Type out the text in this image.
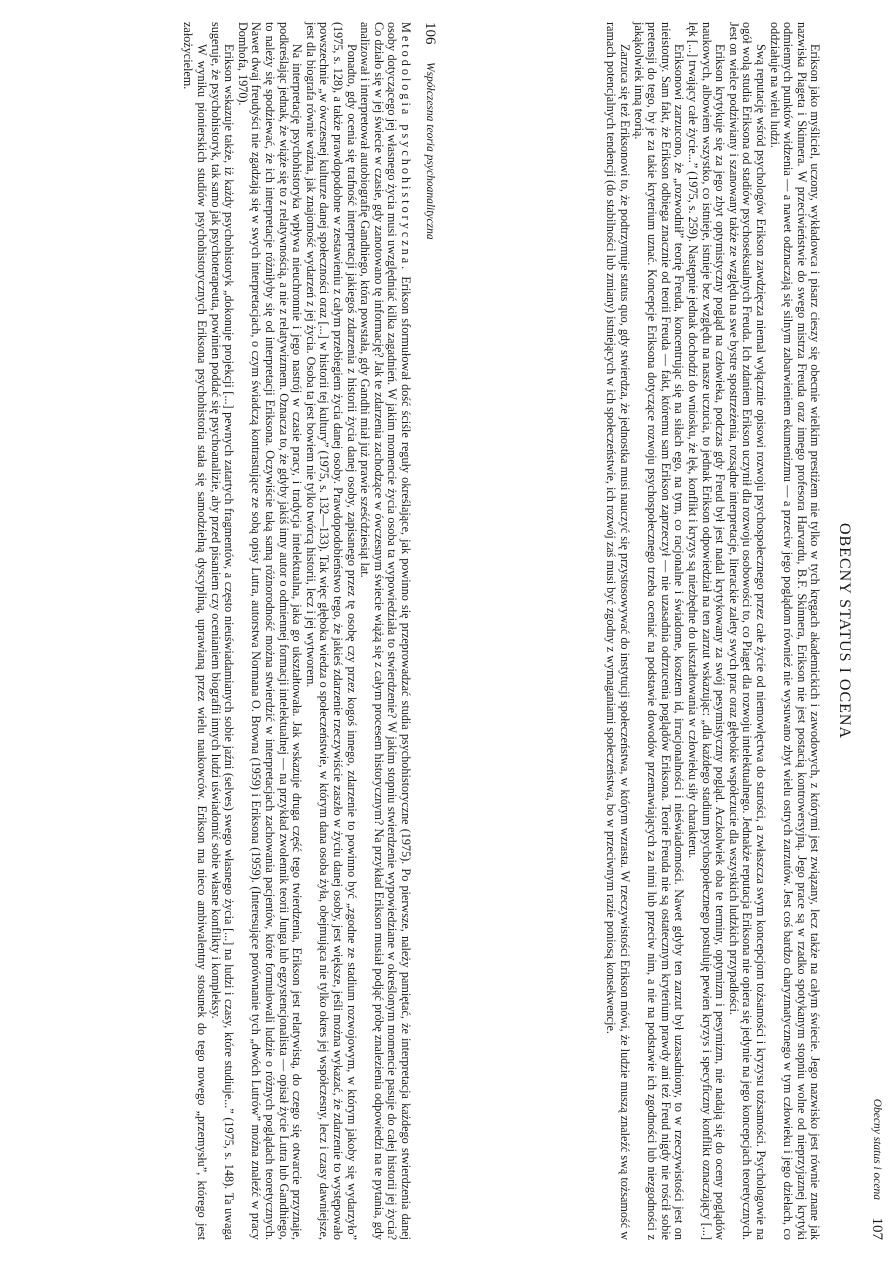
106
Współczesna teoria psychoanalityczna

Metodologia psychohistoryczna. Erikson sformułował dość ściśle reguły określające, jak powinno się przeprowadzać studia psychohistoryczne (1975). Po pierwsze, należy pamiętać, że interpretacja każdego stwierdzenia danej osoby dotyczącego jej własnego życia musi uwzględniać kilka zagadnień. W jakim momencie życia osoba ta wypowiedziała to stwierdzenie? W jakim stopniu stwierdzenie wypowiedziane w określonym momencie pasuje do całej historii jej życia? Co działo się w jej świecie w czasie, gdy zanotowano tę informację? Jak te zdarzenia zachodzące w ówczesnym świecie wiążą się z całym procesem historycznym? Na przykład Erikson musiał podjąć próbę znalezienia odpowiedzi na te pytania, gdy analizował i interpretował autobiografię Gandhiego, która powstała, gdy Gandhi miał już prawie sześćdziesiąt lat.

Ponadto, gdy ocenia się trafność interpretacji jakiegoś zdarzenia z historii życia danej osoby, zapisanego przez tę osobę czy przez kogoś innego, zdarzenie to powinno być „zgodne ze stadium rozwojowym, w którym jakoby się wydarzyło” (1975, s. 128), a także prawdopodobne w zestawieniu z całym przebiegiem życia danej osoby. Prawdopodobieństwo tego, że jakieś zdarzenie rzeczywiście zaszło w życiu danej osoby, jest większe, jeśli można wykazać, że zdarzenie to występowało powszechnie „w ówczesnej kulturze danej społeczności oraz [...] w historii tej kultury” (1975, s. 132—133). Tak więc głęboka wiedza o społeczeństwie, w którym dana osoba żyła, obejmująca nie tylko okres jej współczesny, lecz i czasy dawniejsze, jest dla biografa równie ważna, jak znajomość wydarzeń z jej życia. Osoba ta jest bowiem nie tylko twórcą historii, lecz i jej wytworem.

Na interpretację psychohistoryka wpływa nieuchronnie i jego nastrój w czasie pracy, i tradycja intelektualna, jaka go ukształtowała. Jak wskazuje druga część tego twierdzenia, Erikson jest relatywistą, do czego się otwarcie przyznaje, podkreślając jednak, że wiąże się to z relatywnością, a nie z relatywizmem. Oznacza to, że gdyby jakiś inny autor o odmiennej formacji intelektualnej — na przykład zwolennik teorii Junga lub egzystencjonalista — opisał życie Lutra lub Gandhiego, to należy się spodziewać, że ich interpretacje różniłyby się od interpretacji Eriksona. Oczywiście taką samą różnorodność można stwierdzić w interpretacjach zachowania pacjentów, które formułowali ludzie o różnych poglądach teoretycznych. Nawet dwaj freudyści nie zgadzają się w swych interpretacjach, o czym świadczą kontrastujące ze sobą opisy Lutra, autorstwa Normana O. Browna (1959) i Eriksona (1959). (Interesujące porównanie tych „dwóch Lutrów” można znaleźć w pracy Domhofa, 1970).

Erikson wskazuje także, iż każdy psychohistoryk „dokonuje projekcji [...] pewnych zatartych fragmentów, a często nieuświadamianych sobie jaźni (selves) swego własnego życia [...] na ludzi i czasy, które studiuje...” (1975, s. 148). Ta uwaga sugeruje, że psychohistoryk, tak samo jak psychoterapeuta, powinien poddać się psychoanalizie, aby przed pisaniem czy ocenianiem biografii innych ludzi uświadomić sobie własne konflikty i kompleksy.

W wyniku pionierskich studiów psychohistorycznych Eriksona psychohistoria stała się samodzielną dyscypliną, uprawianą przez wielu naukowców. Erikson ma nieco ambiwalentny stosunek do tego nowego „przemysłu”, którego jest założycielem.

Obecny status i ocena
107
OBECNY STATUS I OCENA

Erikson jako myśliciel, uczony, wykładowca i pisarz cieszy się obecnie wielkim prestiżem nie tylko w tych kręgach akademickich i zawodowych, z którymi jest związany, lecz także na całym świecie. Jego nazwisko jest równie znane jak nazwiska Piageta i Skinnera. W przeciwieństwie do swego mistrza Freuda oraz innego profesora Harvardu, B.F. Skinnera, Erikson nie jest postacią kontrowersyjną. Jego prace są w rzadko spotykanym stopniu wolne od nieprzyjaznej krytyki odmiennych punktów widzenia — a nawet odznaczają się silnym zabarwieniem ekumenizmu — a przeciw jego poglądom również nie wysuwano zbyt wielu ostrych zarzutów. Jest coś bardzo charyzmatycznego w tym człowieku i jego dziełach, co oddziałuje na wielu ludzi.

Swą reputację wśród psychologów Erikson zawdzięcza niemal wyłącznie opisowi rozwoju psychospołecznego przez całe życie od niemowlęctwa do starości, a zwłaszcza swym koncepcjom tożsamości i kryzysu tożsamości. Psychologowie na ogół wolą studia Eriksona od stadiów psychoseksualnych Freuda. Ich zdaniem Erikson uczynił dla rozwoju osobowości to, co Piaget dla rozwoju intelektualnego. Jednakże reputacja Eriksona nie opiera się jedynie na jego koncepcjach teoretycznych. Jest on wielce podziwiany i szanowany także ze względu na swe bystre spostrzeżenia, rozsądne interpretacje, literackie zalety swych prac oraz głębokie współczucie dla wszystkich ludzkich przypadłości.

Erikson krytykuje się za jego zbyt optymistyczny pogląd na człowieka, podczas gdy Freud był jest nadal krytykowany za swój pesymistyczny pogląd. Aczkolwiek oba te terminy, optymizm i pesymizm, nie nadają się do oceny poglądów naukowych, albowiem wszystko, co istnieje, istnieje bez względu na nasze uczucia, to jednak Erikson odpowiedział na ten zarzut wskazując: „dla każdego stadium psychospołecznego postuluję pewien kryzys i specyficzny konflikt oznaczający [...] lęk [...] trwający całe życie...” (1975, s. 259). Następnie jednak dochodzi do wniosku, że lęk, konflikt i kryzys są niezbędne do ukształtowania w człowieku siły charakteru.

Eriksonowi zarzucono, że „rozwodnił” teorię Freuda, koncentrując się na siłach ego, na tym, co racjonalne i świadome, kosztem id, irracjonalności i nieświadomości. Nawet gdyby ten zarzut był uzasadniony, to w rzeczywistości jest on nieistotny. Sam fakt, że Erikson odbiega znacznie od teorii Freuda — fakt, któremu sam Erikson zaprzeczył — nie uzasadnia odrzucenia poglądów Eriksona. Teorie Freuda nie są ostatecznym kryterium prawdy ani też Freud nigdy nie rościł sobie pretensji do tego, by je za takie kryterium uznać. Koncepcje Eriksona dotyczące rozwoju psychospołecznego trzeba oceniać na podstawie dowodów przemawiających za nimi lub przeciw nim, a nie na podstawie ich zgodności lub niezgodności z jakąkolwiek inną teorią.

Zarzuca się też Eriksonowi to, że podtrzymuje status quo, gdy stwierdza, że jednostka musi nauczyć się przystosowywać do instytucji społeczeństwa, w którym wzrasta. W rzeczywistości Erikson mówi, że ludzie muszą znaleźć swą tożsamość w ramach potencjalnych tendencji (do stabilności lub zmiany) istniejących w ich społeczeństwie, ich rozwój zaś musi być zgodny z wymaganiami społeczeństwa, bo w przeciwnym razie poniosą konsekwencje.
